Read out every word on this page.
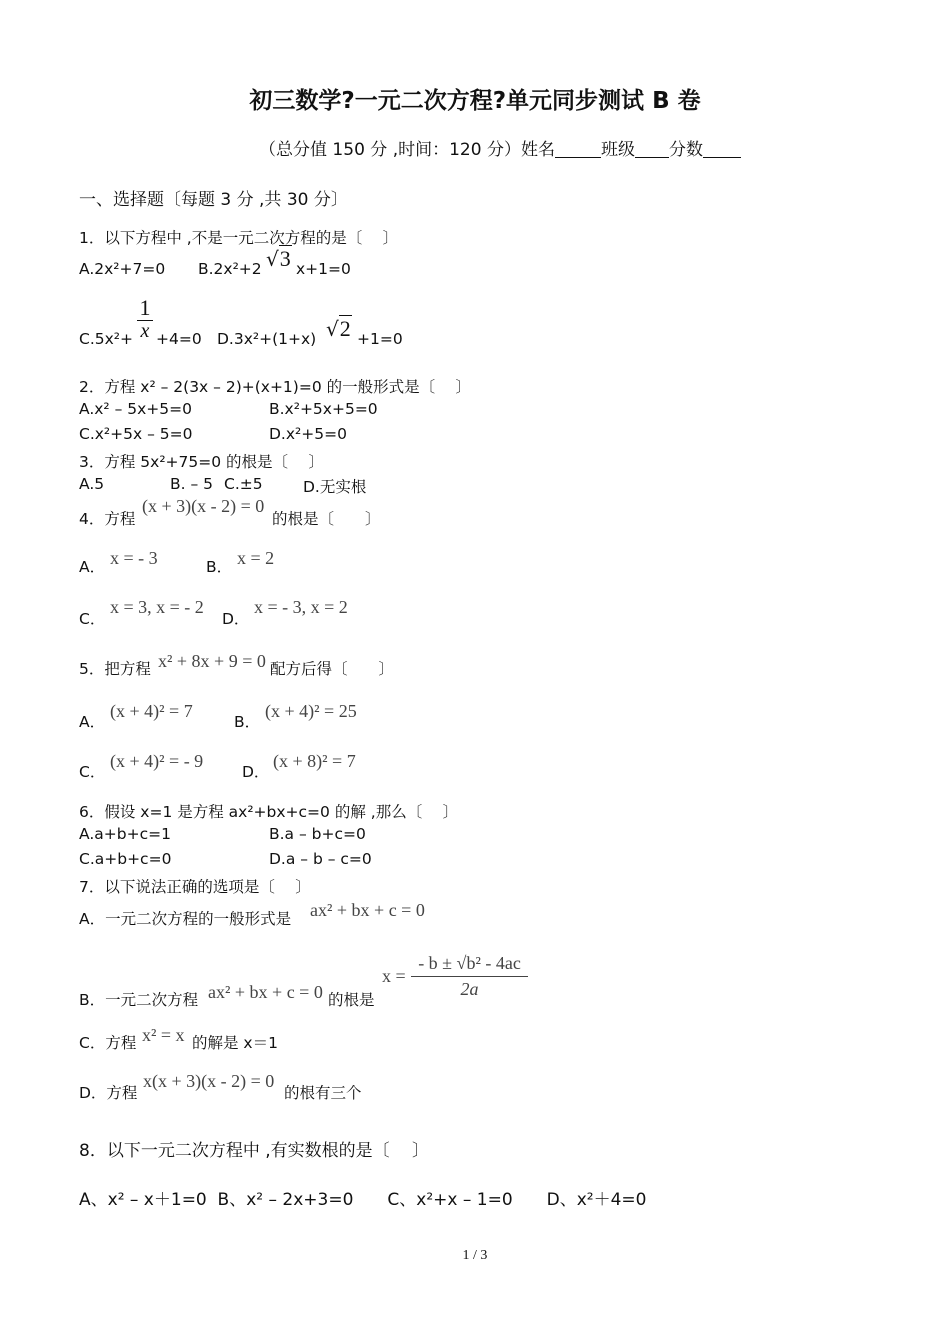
初三数学?一元二次方程?单元同步测试 B 卷
（总分值 150 分 ,时间：120 分）姓名	班级 分数
一、选择题〔每题 3 分 ,共 30 分〕
1．以下方程中 ,不是一元二次方程的是〔　 〕
A.2x²+7=0 B.2x²+2 √3 x+1=0
$C.5x^2+ \frac{1}{x} +4=0$ D.3x²+(1+x) √2 +1=0
2．方程 x² – 2(3x – 2)+(x+1)=0 的一般形式是〔　 〕
A.x² – 5x+5=0	B.x²+5x+5=0
C.x²+5x – 5=0	D.x²+5=0
3．方程 5x²+75=0 的根是〔　 〕
A.5	B. – 5 C.±5	D.无实根
4．方程
(x + 3)(x - 2) = 0
的根是〔　　〕
A． x = - 3	B． x = 2
C．
x = 3, x = - 2
D．
x = - 3, x = 2
5．把方程 x² + 8x + 9 = 0 配方后得〔　　〕
A．
(x + 4)² = 7
B．
(x + 4)² = 25
C．
(x + 4)² = - 9
D．
(x + 8)² = 7
6．假设 x=1 是方程 ax²+bx+c=0 的解 ,那么〔　 〕
A.a+b+c=1	B.a – b+c=0
C.a+b+c=0	D.a – b – c=0
7．以下说法正确的选项是〔　 〕
A．一元二次方程的一般形式是 ax² + bx + c = 0
B．一元二次方程 ax² + bx + c = 0 的根是
$x = \frac{\text{- b ± √b² - 4ac}}{2a}$
C．方程 x² = x 的解是 x＝1
D．方程
x(x + 3)(x - 2) = 0
的根有三个
8．以下一元二次方程中 ,有实数根的是〔　 〕
A、x² – x＋1=0  B、x² – 2x+3=0　　C、x²+x – 1=0　　D、x²＋4=0
1 / 3
